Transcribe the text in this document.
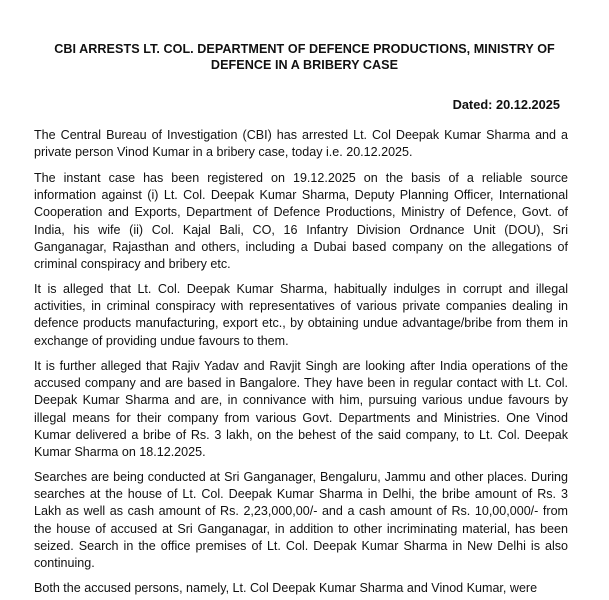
CBI ARRESTS LT. COL. DEPARTMENT OF DEFENCE PRODUCTIONS, MINISTRY OF DEFENCE IN A BRIBERY CASE
Dated: 20.12.2025

The Central Bureau of Investigation (CBI) has arrested Lt. Col Deepak Kumar Sharma and a private person Vinod Kumar in a bribery case, today i.e. 20.12.2025.

The instant case has been registered on 19.12.2025 on the basis of a reliable source information against (i) Lt. Col. Deepak Kumar Sharma, Deputy Planning Officer, International Cooperation and Exports, Department of Defence Productions, Ministry of Defence, Govt. of India, his wife (ii) Col. Kajal Bali, CO, 16 Infantry Division Ordnance Unit (DOU), Sri Ganganagar, Rajasthan and others, including a Dubai based company on the allegations of criminal conspiracy and bribery etc.

It is alleged that Lt. Col. Deepak Kumar Sharma, habitually indulges in corrupt and illegal activities, in criminal conspiracy with representatives of various private companies dealing in defence products manufacturing, export etc., by obtaining undue advantage/bribe from them in exchange of providing undue favours to them.

It is further alleged that Rajiv Yadav and Ravjit Singh are looking after India operations of the accused company and are based in Bangalore. They have been in regular contact with Lt. Col. Deepak Kumar Sharma and are, in connivance with him, pursuing various undue favours by illegal means for their company from various Govt. Departments and Ministries. One Vinod Kumar delivered a bribe of Rs. 3 lakh, on the behest of the said company, to Lt. Col. Deepak Kumar Sharma on 18.12.2025.

Searches are being conducted at Sri Ganganager, Bengaluru, Jammu and other places. During searches at the house of Lt. Col. Deepak Kumar Sharma in Delhi, the bribe amount of Rs. 3 Lakh as well as cash amount of Rs. 2,23,000,00/- and a cash amount of Rs. 10,00,000/- from the house of accused at Sri Ganganagar, in addition to other incriminating material, has been seized. Search in the office premises of Lt. Col. Deepak Kumar Sharma in New Delhi is also continuing.

Both the accused persons, namely, Lt. Col Deepak Kumar Sharma and Vinod Kumar, were
